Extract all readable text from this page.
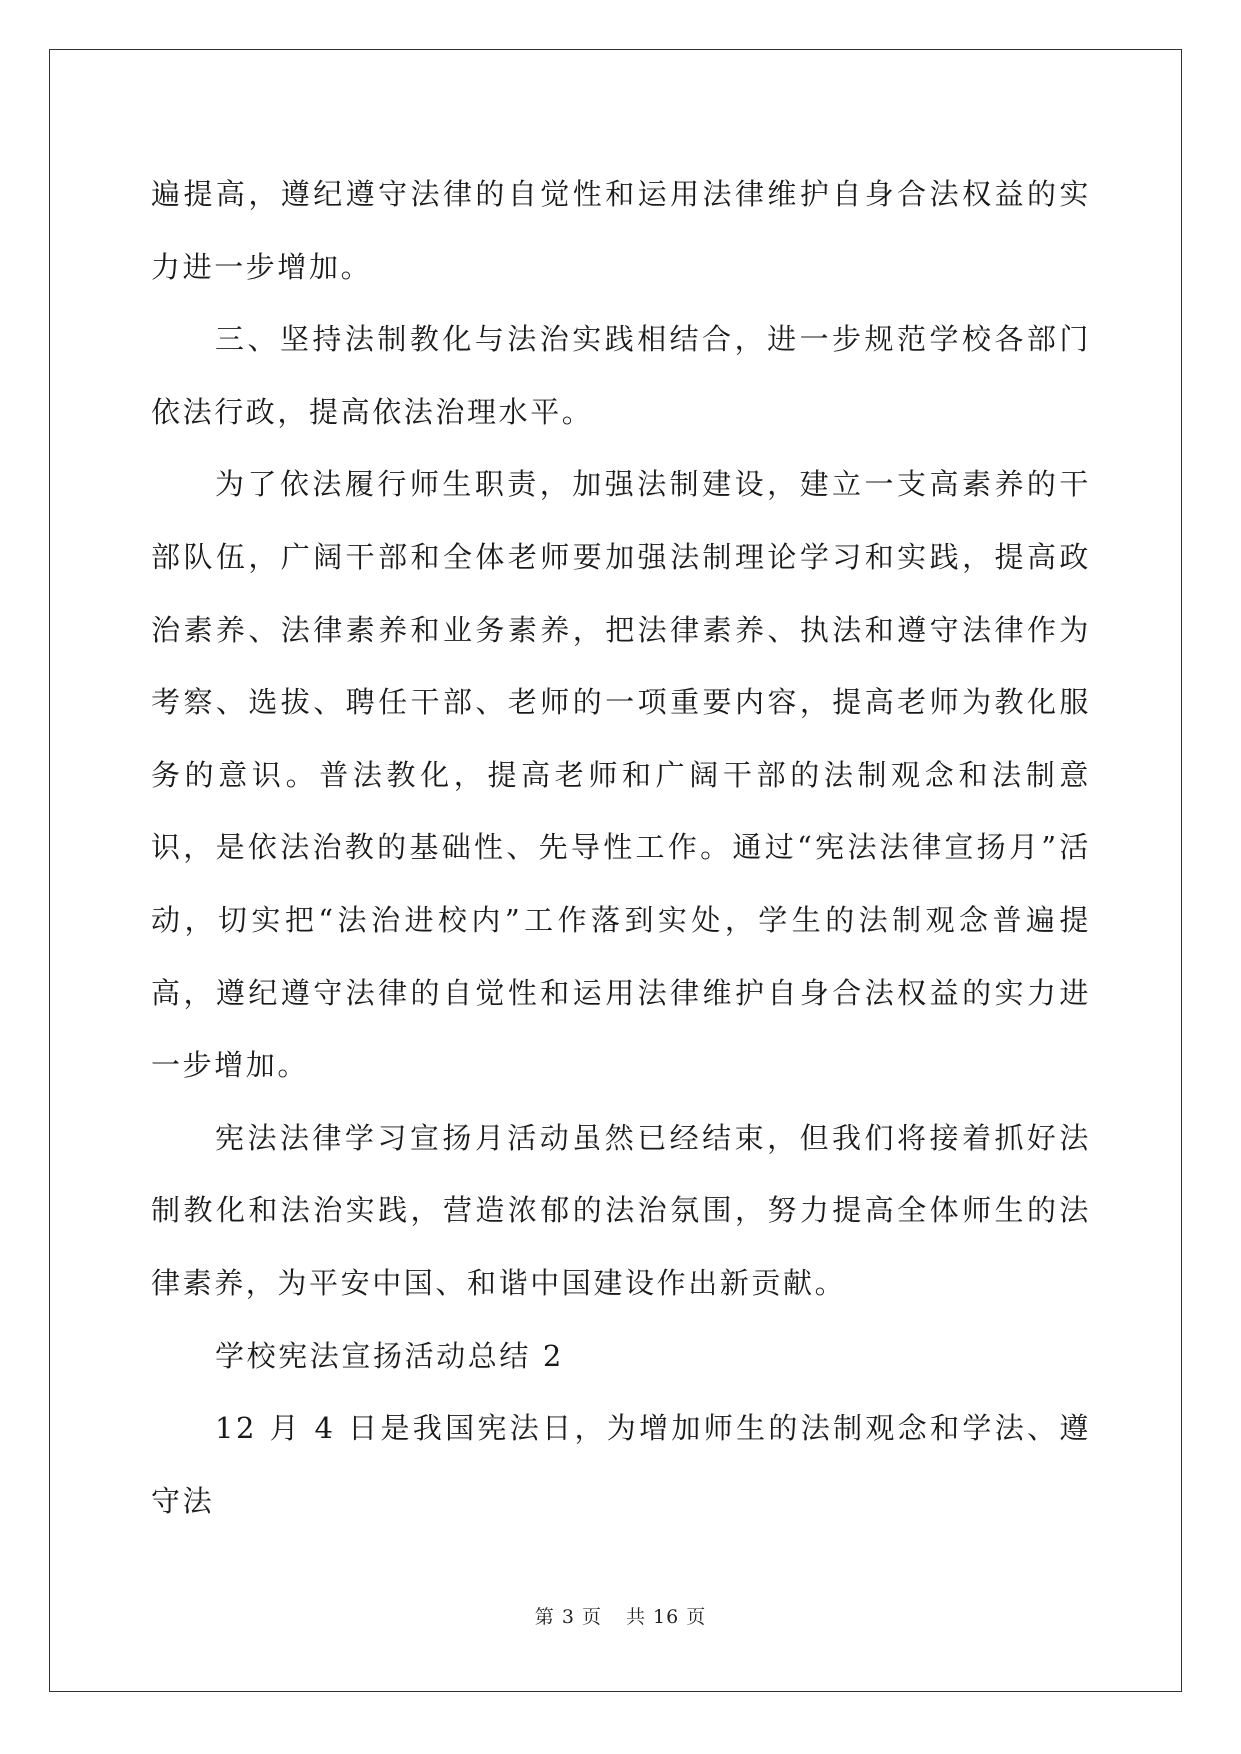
遍提高，遵纪遵守法律的自觉性和运用法律维护自身合法权益的实力进一步增加。

三、坚持法制教化与法治实践相结合，进一步规范学校各部门依法行政，提高依法治理水平。

为了依法履行师生职责，加强法制建设，建立一支高素养的干部队伍，广阔干部和全体老师要加强法制理论学习和实践，提高政治素养、法律素养和业务素养，把法律素养、执法和遵守法律作为考察、选拔、聘任干部、老师的一项重要内容，提高老师为教化服务的意识。普法教化，提高老师和广阔干部的法制观念和法制意识，是依法治教的基础性、先导性工作。通过“宪法法律宣扬月”活动，切实把“法治进校内”工作落到实处，学生的法制观念普遍提高，遵纪遵守法律的自觉性和运用法律维护自身合法权益的实力进一步增加。

宪法法律学习宣扬月活动虽然已经结束，但我们将接着抓好法制教化和法治实践，营造浓郁的法治氛围，努力提高全体师生的法律素养，为平安中国、和谐中国建设作出新贡献。

学校宪法宣扬活动总结 2

12 月 4 日是我国宪法日，为增加师生的法制观念和学法、遵守法

第 3 页 共 16 页
